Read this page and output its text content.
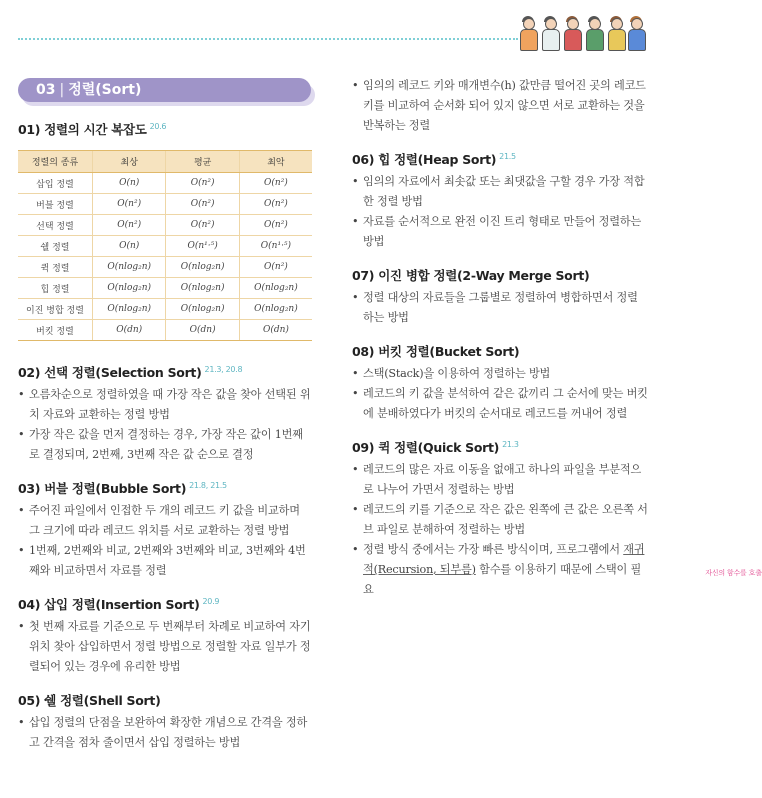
03 | 정렬(Sort)
01) 정렬의 시간 복잡도 $^{20.6}$
정렬의 종류	최상	평균	최악
삽입 정렬	O(n)	O(n²)	O(n²)
버블 정렬	O(n²)	O(n²)	O(n²)
선택 정렬	O(n²)	O(n²)	O(n²)
쉘 정렬	O(n)	O(n¹·⁵)	O(n¹·⁵)
퀵 정렬	O(nlog₂n)	O(nlog₂n)	O(n²)
힙 정렬	O(nlog₂n)	O(nlog₂n)	O(nlog₂n)
이진 병합 정렬	O(nlog₂n)	O(nlog₂n)	O(nlog₂n)
버킷 정렬	O(dn)	O(dn)	O(dn)
02) 선택 정렬(Selection Sort) $^{21.3, 20.8}$
• 오름차순으로 정렬하였을 때 가장 작은 값을 찾아 선택된 위치 자료와 교환하는 정렬 방법
• 가장 작은 값을 먼저 결정하는 경우, 가장 작은 값이 1번째로 결정되며, 2번째, 3번째 작은 값 순으로 결정
03) 버블 정렬(Bubble Sort) $^{21.8, 21.5}$
• 주어진 파일에서 인접한 두 개의 레코드 키 값을 비교하며 그 크기에 따라 레코드 위치를 서로 교환하는 정렬 방법
• 1번째, 2번째와 비교, 2번째와 3번째와 비교, 3번째와 4번째와 비교하면서 자료를 정렬
04) 삽입 정렬(Insertion Sort) $^{20.9}$
• 첫 번째 자료를 기준으로 두 번째부터 차례로 비교하여 자기 위치 찾아 삽입하면서 정렬 방법으로 정렬할 자료 일부가 정렬되어 있는 경우에 유리한 방법
05) 쉘 정렬(Shell Sort)
• 삽입 정렬의 단점을 보완하여 확장한 개념으로 간격을 정하고 간격을 점차 줄이면서 삽입 정렬하는 방법
• 임의의 레코드 키와 매개변수(h) 값만큼 떨어진 곳의 레코드 키를 비교하여 순서화 되어 있지 않으면 서로 교환하는 것을 반복하는 정렬
06) 힙 정렬(Heap Sort) $^{21.5}$
• 임의의 자료에서 최솟값 또는 최댓값을 구할 경우 가장 적합한 정렬 방법
• 자료를 순서적으로 완전 이진 트리 형태로 만들어 정렬하는 방법
07) 이진 병합 정렬(2-Way Merge Sort)
• 정렬 대상의 자료들을 그룹별로 정렬하여 병합하면서 정렬하는 방법
08) 버킷 정렬(Bucket Sort)
• 스택(Stack)을 이용하여 정렬하는 방법
• 레코드의 키 값을 분석하여 같은 값끼리 그 순서에 맞는 버킷에 분배하였다가 버킷의 순서대로 레코드를 꺼내어 정렬
09) 퀵 정렬(Quick Sort) $^{21.3}$
• 레코드의 많은 자료 이동을 없애고 하나의 파일을 부분적으로 나누어 가면서 정렬하는 방법
• 레코드의 키를 기준으로 작은 값은 왼쪽에 큰 값은 오른쪽 서브 파일로 분해하여 정렬하는 방법
• 정렬 방식 중에서는 가장 빠른 방식이며, 프로그램에서 재귀적(Recursion, 되부름)	자신의 함수를 호출
함수를 이용하기 때문에 스택이 필요
